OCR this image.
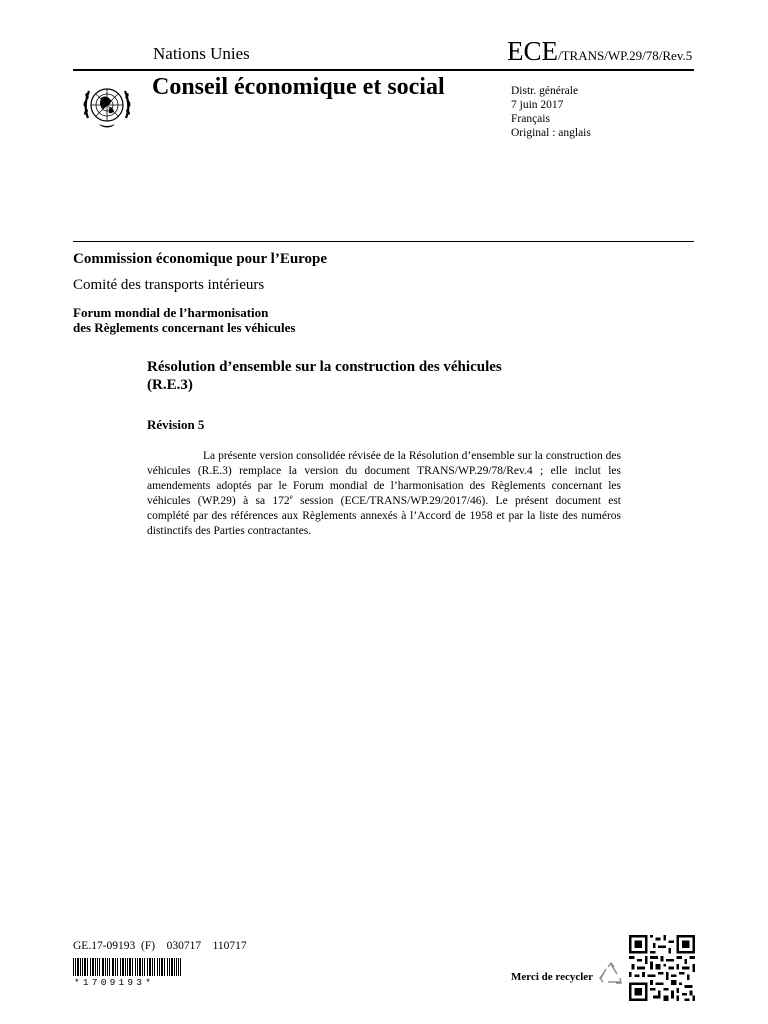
Nations Unies	ECE/TRANS/WP.29/78/Rev.5
Conseil économique et social	Distr. générale
7 juin 2017
Français
Original : anglais
Commission économique pour l’Europe
Comité des transports intérieurs
Forum mondial de l’harmonisation
des Règlements concernant les véhicules
Résolution d’ensemble sur la construction des véhicules
(R.E.3)
Révision 5
La présente version consolidée révisée de la Résolution d’ensemble sur la construction des véhicules (R.E.3) remplace la version du document TRANS/WP.29/78/Rev.4 ; elle inclut les amendements adoptés par le Forum mondial de l’harmonisation des Règlements concernant les véhicules (WP.29) à sa 172e session (ECE/TRANS/WP.29/2017/46). Le présent document est complété par des références aux Règlements annexés à l’Accord de 1958 et par la liste des numéros distinctifs des Parties contractantes.
GE.17-09193  (F)    030717    110717
*1709193*	Merci de recycler
